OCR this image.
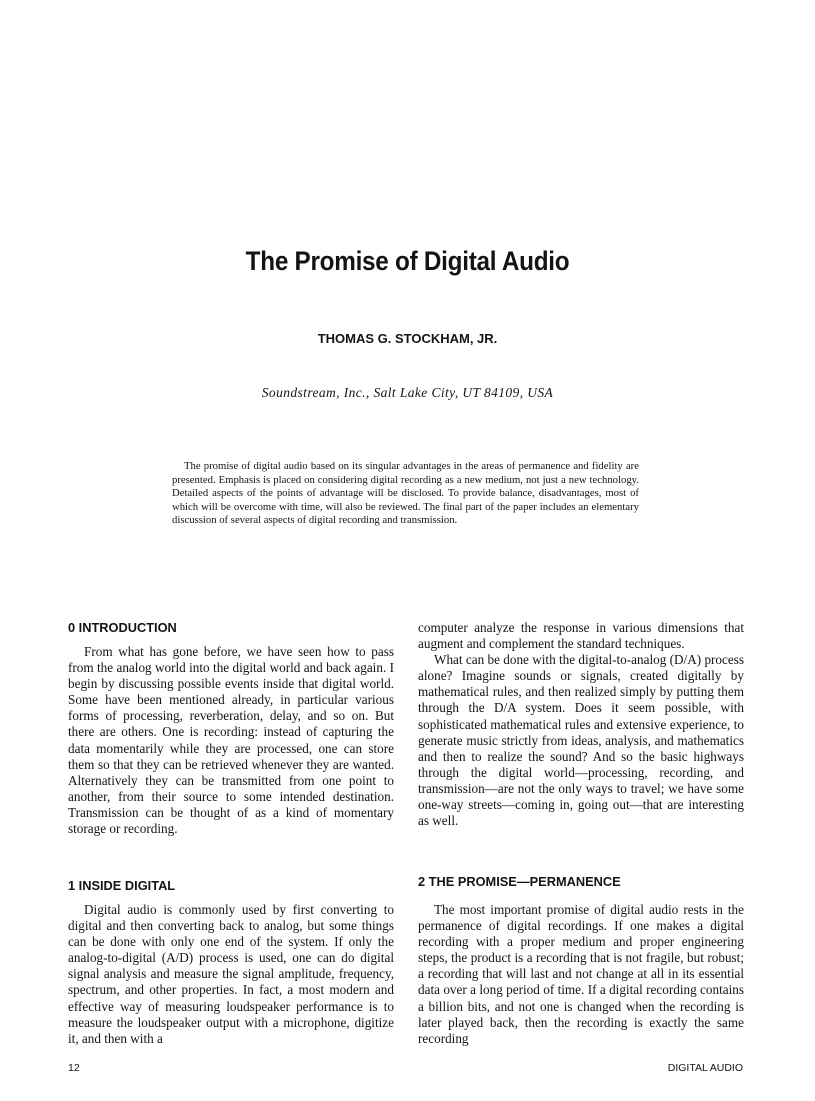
The Promise of Digital Audio
THOMAS G. STOCKHAM, JR.
Soundstream, Inc., Salt Lake City, UT 84109, USA

The promise of digital audio based on its singular advantages in the areas of permanence and fidelity are presented. Emphasis is placed on considering digital recording as a new medium, not just a new technology. Detailed aspects of the points of advantage will be disclosed. To provide balance, disadvantages, most of which will be overcome with time, will also be reviewed. The final part of the paper includes an elementary discussion of several aspects of digital recording and transmission.

0 INTRODUCTION

From what has gone before, we have seen how to pass from the analog world into the digital world and back again. I begin by discussing possible events inside that digital world. Some have been mentioned already, in particular various forms of processing, reverberation, delay, and so on. But there are others. One is recording: instead of capturing the data momentarily while they are processed, one can store them so that they can be retrieved whenever they are wanted. Alternatively they can be transmitted from one point to another, from their source to some intended destination. Transmission can be thought of as a kind of momentary storage or recording.

1 INSIDE DIGITAL

Digital audio is commonly used by first converting to digital and then converting back to analog, but some things can be done with only one end of the system. If only the analog-to-digital (A/D) process is used, one can do digital signal analysis and measure the signal amplitude, frequency, spectrum, and other properties. In fact, a most modern and effective way of measuring loudspeaker performance is to measure the loudspeaker output with a microphone, digitize it, and then with a

computer analyze the response in various dimensions that augment and complement the standard techniques.

What can be done with the digital-to-analog (D/A) process alone? Imagine sounds or signals, created digitally by mathematical rules, and then realized simply by putting them through the D/A system. Does it seem possible, with sophisticated mathematical rules and extensive experience, to generate music strictly from ideas, analysis, and mathematics and then to realize the sound? And so the basic highways through the digital world—processing, recording, and transmission—are not the only ways to travel; we have some one-way streets—coming in, going out—that are interesting as well.

2 THE PROMISE—PERMANENCE

The most important promise of digital audio rests in the permanence of digital recordings. If one makes a digital recording with a proper medium and proper engineering steps, the product is a recording that is not fragile, but robust; a recording that will last and not change at all in its essential data over a long period of time. If a digital recording contains a billion bits, and not one is changed when the recording is later played back, then the recording is exactly the same recording

12	DIGITAL AUDIO
